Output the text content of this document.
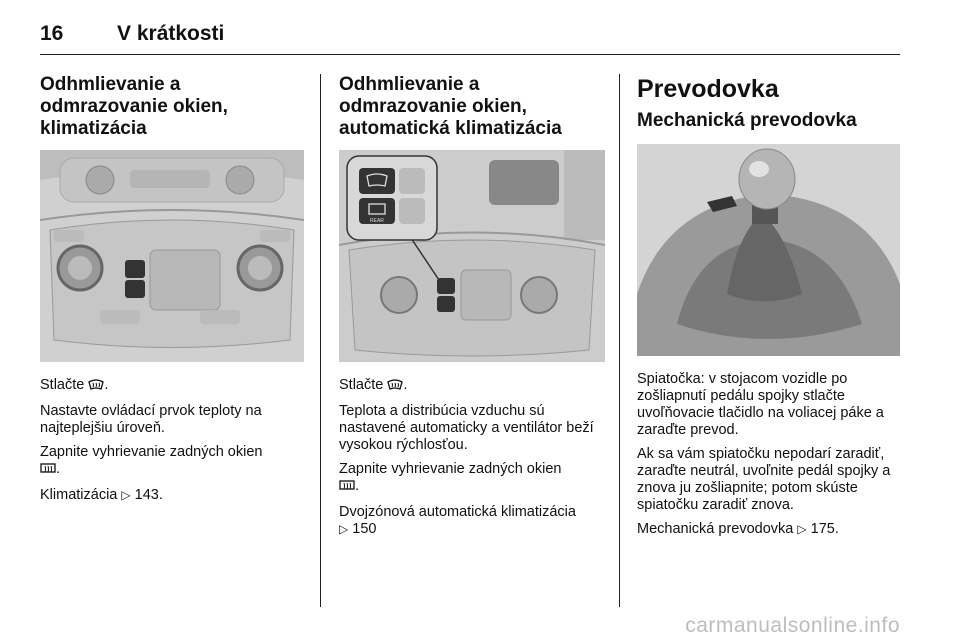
16	V krátkosti
Odhmlievanie a odmrazovanie okien, klimatizácia

Stlačte .

Nastavte ovládací prvok teploty na najteplejšiu úroveň.

Zapnite vyhrievanie zadných okien
.

Klimatizácia ▷ 143.

Odhmlievanie a odmrazovanie okien, automatická klimatizácia
REAR

Stlačte .

Teplota a distribúcia vzduchu sú nastavené automaticky a ventilátor beží vysokou rýchlosťou.

Zapnite vyhrievanie zadných okien
.

Dvojzónová automatická klimatizácia
▷ 150

Prevodovka
Mechanická prevodovka

Spiatočka: v stojacom vozidle po zošliapnutí pedálu spojky stlačte uvoľňovacie tlačidlo na voliacej páke a zaraďte prevod.

Ak sa vám spiatočku nepodarí zaradiť, zaraďte neutrál, uvoľnite pedál spojky a znova ju zošliapnite; potom skúste spiatočku zaradiť znova.

Mechanická prevodovka ▷ 175.

carmanualsonline.info
